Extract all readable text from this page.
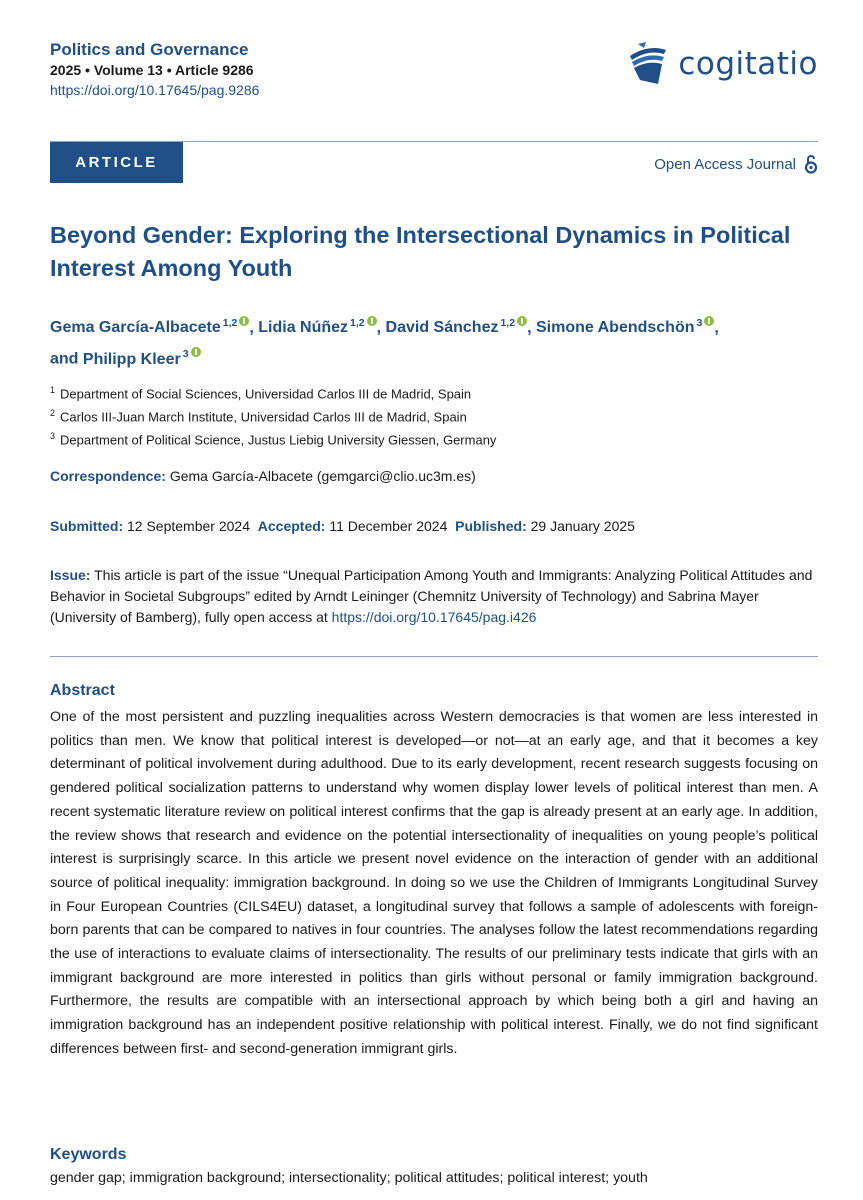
Politics and Governance
2025 • Volume 13 • Article 9286
https://doi.org/10.17645/pag.9286
cogitatio
ARTICLE	Open Access Journal
Beyond Gender: Exploring the Intersectional Dynamics in Political Interest Among Youth
Gema García-Albacete $^{1,2}$ , Lidia Núñez $^{1,2}$ , David Sánchez $^{1,2}$ , Simone Abendschön $^3$ ,
and Philipp Kleer $^3$
$^1$ Department of Social Sciences, Universidad Carlos III de Madrid, Spain
$^2$ Carlos III-Juan March Institute, Universidad Carlos III de Madrid, Spain
$^3$ Department of Political Science, Justus Liebig University Giessen, Germany
Correspondence: Gema García-Albacete (gemgarci@clio.uc3m.es)
Submitted: 12 September 2024 Accepted: 11 December 2024 Published: 29 January 2025
Issue: This article is part of the issue “Unequal Participation Among Youth and Immigrants: Analyzing Political Attitudes and Behavior in Societal Subgroups” edited by Arndt Leininger (Chemnitz University of Technology) and Sabrina Mayer (University of Bamberg), fully open access at https://doi.org/10.17645/pag.i426
Abstract
One of the most persistent and puzzling inequalities across Western democracies is that women are less interested in politics than men. We know that political interest is developed—or not—at an early age, and that it becomes a key determinant of political involvement during adulthood. Due to its early development, recent research suggests focusing on gendered political socialization patterns to understand why women display lower levels of political interest than men. A recent systematic literature review on political interest confirms that the gap is already present at an early age. In addition, the review shows that research and evidence on the potential intersectionality of inequalities on young people’s political interest is surprisingly scarce. In this article we present novel evidence on the interaction of gender with an additional source of political inequality: immigration background. In doing so we use the Children of Immigrants Longitudinal Survey in Four European Countries (CILS4EU) dataset, a longitudinal survey that follows a sample of adolescents with foreign-born parents that can be compared to natives in four countries. The analyses follow the latest recommendations regarding the use of interactions to evaluate claims of intersectionality. The results of our preliminary tests indicate that girls with an immigrant background are more interested in politics than girls without personal or family immigration background. Furthermore, the results are compatible with an intersectional approach by which being both a girl and having an immigration background has an independent positive relationship with political interest. Finally, we do not find significant differences between first- and second-generation immigrant girls.
Keywords
gender gap; immigration background; intersectionality; political attitudes; political interest; youth
